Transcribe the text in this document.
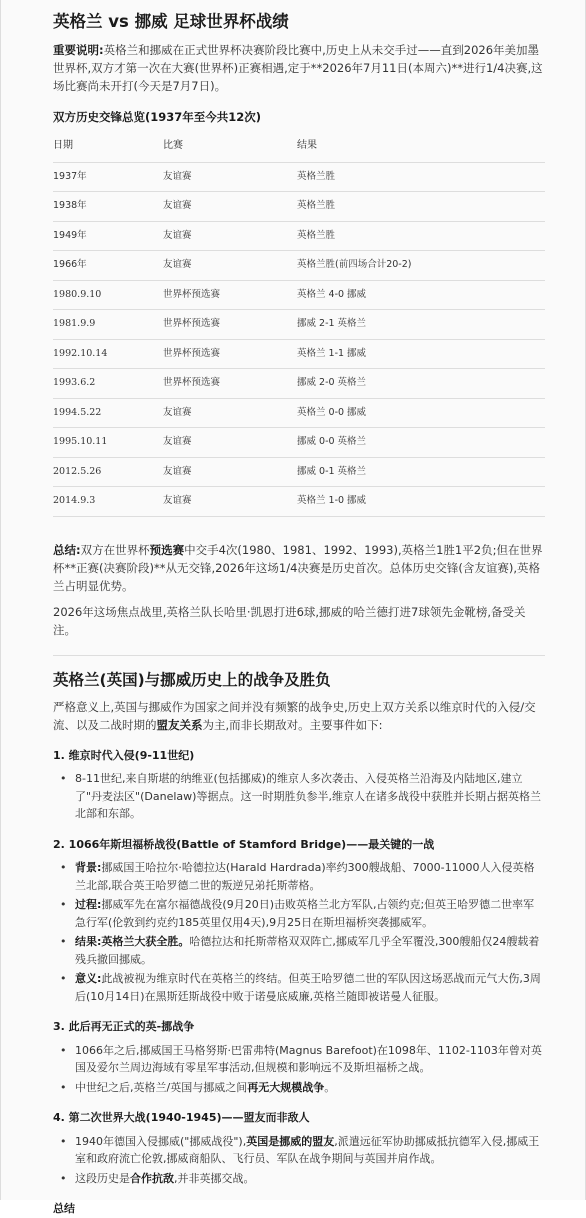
英格兰 vs 挪威 足球世界杯战绩

重要说明:英格兰和挪威在正式世界杯决赛阶段比赛中,历史上从未交手过——直到2026年美加墨世界杯,双方才第一次在大赛(世界杯)正赛相遇,定于**2026年7月11日(本周六)**进行1/4决赛,这场比赛尚未开打(今天是7月7日)。

双方历史交锋总览(1937年至今共12次)
日期	比赛	结果
1937年	友谊赛	英格兰胜
1938年	友谊赛	英格兰胜
1949年	友谊赛	英格兰胜
1966年	友谊赛	英格兰胜(前四场合计20-2)
1980.9.10	世界杯预选赛	英格兰 4-0 挪威
1981.9.9	世界杯预选赛	挪威 2-1 英格兰
1992.10.14	世界杯预选赛	英格兰 1-1 挪威
1993.6.2	世界杯预选赛	挪威 2-0 英格兰
1994.5.22	友谊赛	英格兰 0-0 挪威
1995.10.11	友谊赛	挪威 0-0 英格兰
2012.5.26	友谊赛	挪威 0-1 英格兰
2014.9.3	友谊赛	英格兰 1-0 挪威

总结:双方在世界杯预选赛中交手4次(1980、1981、1992、1993),英格兰1胜1平2负;但在世界杯**正赛(决赛阶段)**从无交锋,2026年这场1/4决赛是历史首次。总体历史交锋(含友谊赛),英格兰占明显优势。

2026年这场焦点战里,英格兰队长哈里·凯恩打进6球,挪威的哈兰德打进7球领先金靴榜,备受关注。

英格兰(英国)与挪威历史上的战争及胜负

严格意义上,英国与挪威作为国家之间并没有频繁的战争史,历史上双方关系以维京时代的入侵/交流、以及二战时期的盟友关系为主,而非长期敌对。主要事件如下:

1. 维京时代入侵(9-11世纪)
• 8-11世纪,来自斯堪的纳维亚(包括挪威)的维京人多次袭击、入侵英格兰沿海及内陆地区,建立了"丹麦法区"(Danelaw)等据点。这一时期胜负参半,维京人在诸多战役中获胜并长期占据英格兰北部和东部。
2. 1066年斯坦福桥战役(Battle of Stamford Bridge)——最关键的一战
• 背景:挪威国王哈拉尔·哈德拉达(Harald Hardrada)率约300艘战船、7000-11000人入侵英格兰北部,联合英王哈罗德二世的叛逆兄弟托斯蒂格。
• 过程:挪威军先在富尔福德战役(9月20日)击败英格兰北方军队,占领约克;但英王哈罗德二世率军急行军(伦敦到约克约185英里仅用4天),9月25日在斯坦福桥突袭挪威军。
• 结果:英格兰大获全胜。哈德拉达和托斯蒂格双双阵亡,挪威军几乎全军覆没,300艘船仅24艘载着残兵撤回挪威。
• 意义:此战被视为维京时代在英格兰的终结。但英王哈罗德二世的军队因这场恶战而元气大伤,3周后(10月14日)在黑斯廷斯战役中败于诺曼底威廉,英格兰随即被诺曼人征服。
3. 此后再无正式的英-挪战争
• 1066年之后,挪威国王马格努斯·巴雷弗特(Magnus Barefoot)在1098年、1102-1103年曾对英国及爱尔兰周边海域有零星军事活动,但规模和影响远不及斯坦福桥之战。
• 中世纪之后,英格兰/英国与挪威之间再无大规模战争。
4. 第二次世界大战(1940-1945)——盟友而非敌人
• 1940年德国入侵挪威("挪威战役"),英国是挪威的盟友,派遣远征军协助挪威抵抗德军入侵,挪威王室和政府流亡伦敦,挪威商船队、飞行员、军队在战争期间与英国并肩作战。
• 这段历史是合作抗敌,并非英挪交战。
总结
